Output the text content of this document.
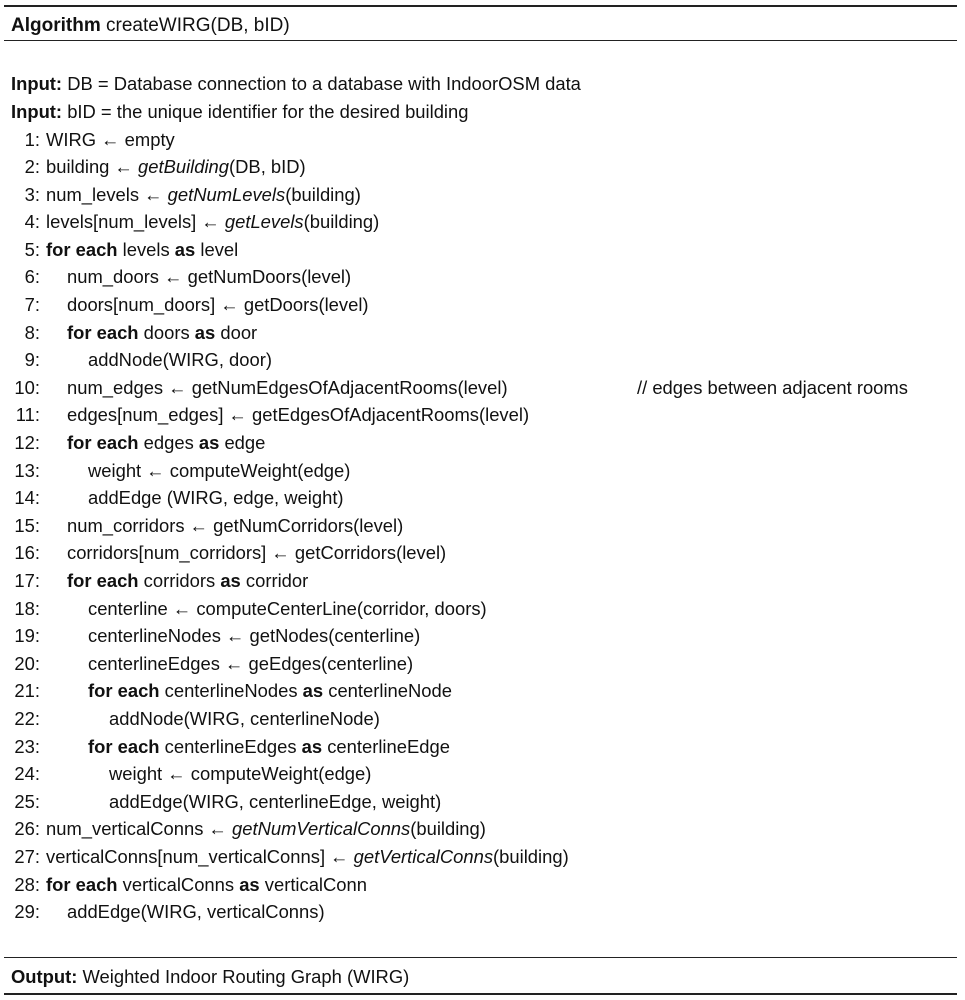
Algorithm createWIRG(DB, bID)
Input: DB = Database connection to a database with IndoorOSM data
Input: bID = the unique identifier for the desired building
1: WIRG ← empty
2: building ← getBuilding(DB, bID)
3: num_levels ← getNumLevels(building)
4: levels[num_levels] ← getLevels(building)
5: for each levels as level
6: num_doors ← getNumDoors(level)
7: doors[num_doors] ← getDoors(level)
8: for each doors as door
9:	addNode(WIRG, door)
10: num_edges ← getNumEdgesOfAdjacentRooms(level)	// edges between adjacent rooms
11: edges[num_edges] ← getEdgesOfAdjacentRooms(level)
12: for each edges as edge
13:	weight ← computeWeight(edge)
14:	addEdge (WIRG, edge, weight)
15: num_corridors ← getNumCorridors(level)
16: corridors[num_corridors] ← getCorridors(level)
17: for each corridors as corridor
18:	centerline ← computeCenterLine(corridor, doors)
19:	centerlineNodes ← getNodes(centerline)
20:	centerlineEdges ← geEdges(centerline)
21:	for each centerlineNodes as centerlineNode
22:	addNode(WIRG, centerlineNode)
23:	for each centerlineEdges as centerlineEdge
24:	weight ← computeWeight(edge)
25:	addEdge(WIRG, centerlineEdge, weight)
26: num_verticalConns ← getNumVerticalConns(building)
27: verticalConns[num_verticalConns] ← getVerticalConns(building)
28: for each verticalConns as verticalConn
29: addEdge(WIRG, verticalConns)
Output: Weighted Indoor Routing Graph (WIRG)
